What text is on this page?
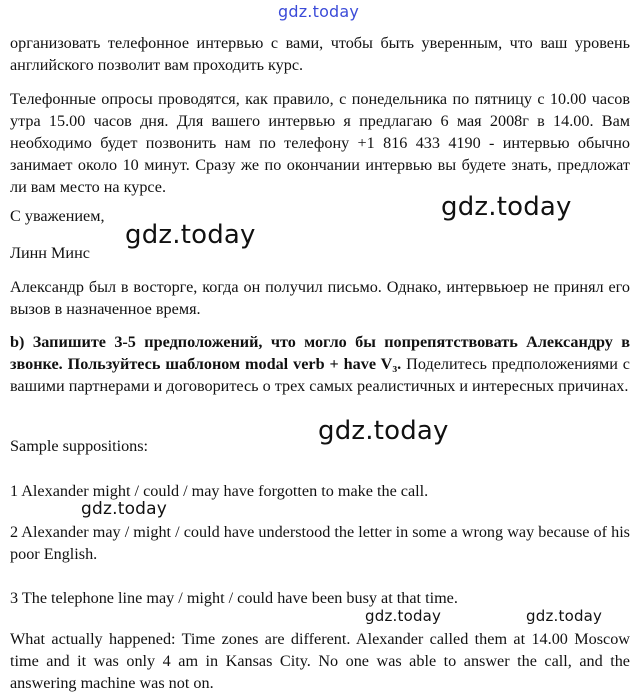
gdz.today
организовать телефонное интервью с вами, чтобы быть уверенным, что ваш уровень английского позволит вам проходить курс.
Телефонные опросы проводятся, как правило, с понедельника по пятницу с 10.00 часов утра 15.00 часов дня. Для вашего интервью я предлагаю 6 мая 2008г в 14.00. Вам необходимо будет позвонить нам по телефону +1 816 433 4190 - интервью обычно занимает около 10 минут. Сразу же по окончании интервью вы будете знать, предложат ли вам место на курсе.
С уважением,
Линн Минс
gdz.today
gdz.today
Александр был в восторге, когда он получил письмо. Однако, интервьюер не принял его вызов в назначенное время.
b) Запишите 3-5 предположений, что могло бы попрепятствовать Александру в звонке. Пользуйтесь шаблоном modal verb + have V₃. Поделитесь предположениями с вашими партнерами и договоритесь о трех самых реалистичных и интересных причинах.
gdz.today
Sample suppositions:
1 Alexander might / could / may have forgotten to make the call.
gdz.today
2 Alexander may / might / could have understood the letter in some a wrong way because of his poor English.
3 The telephone line may / might / could have been busy at that time.
gdz.today	gdz.today
What actually happened: Time zones are different. Alexander called them at 14.00 Moscow time and it was only 4 am in Kansas City. No one was able to answer the call, and the answering machine was not on.
